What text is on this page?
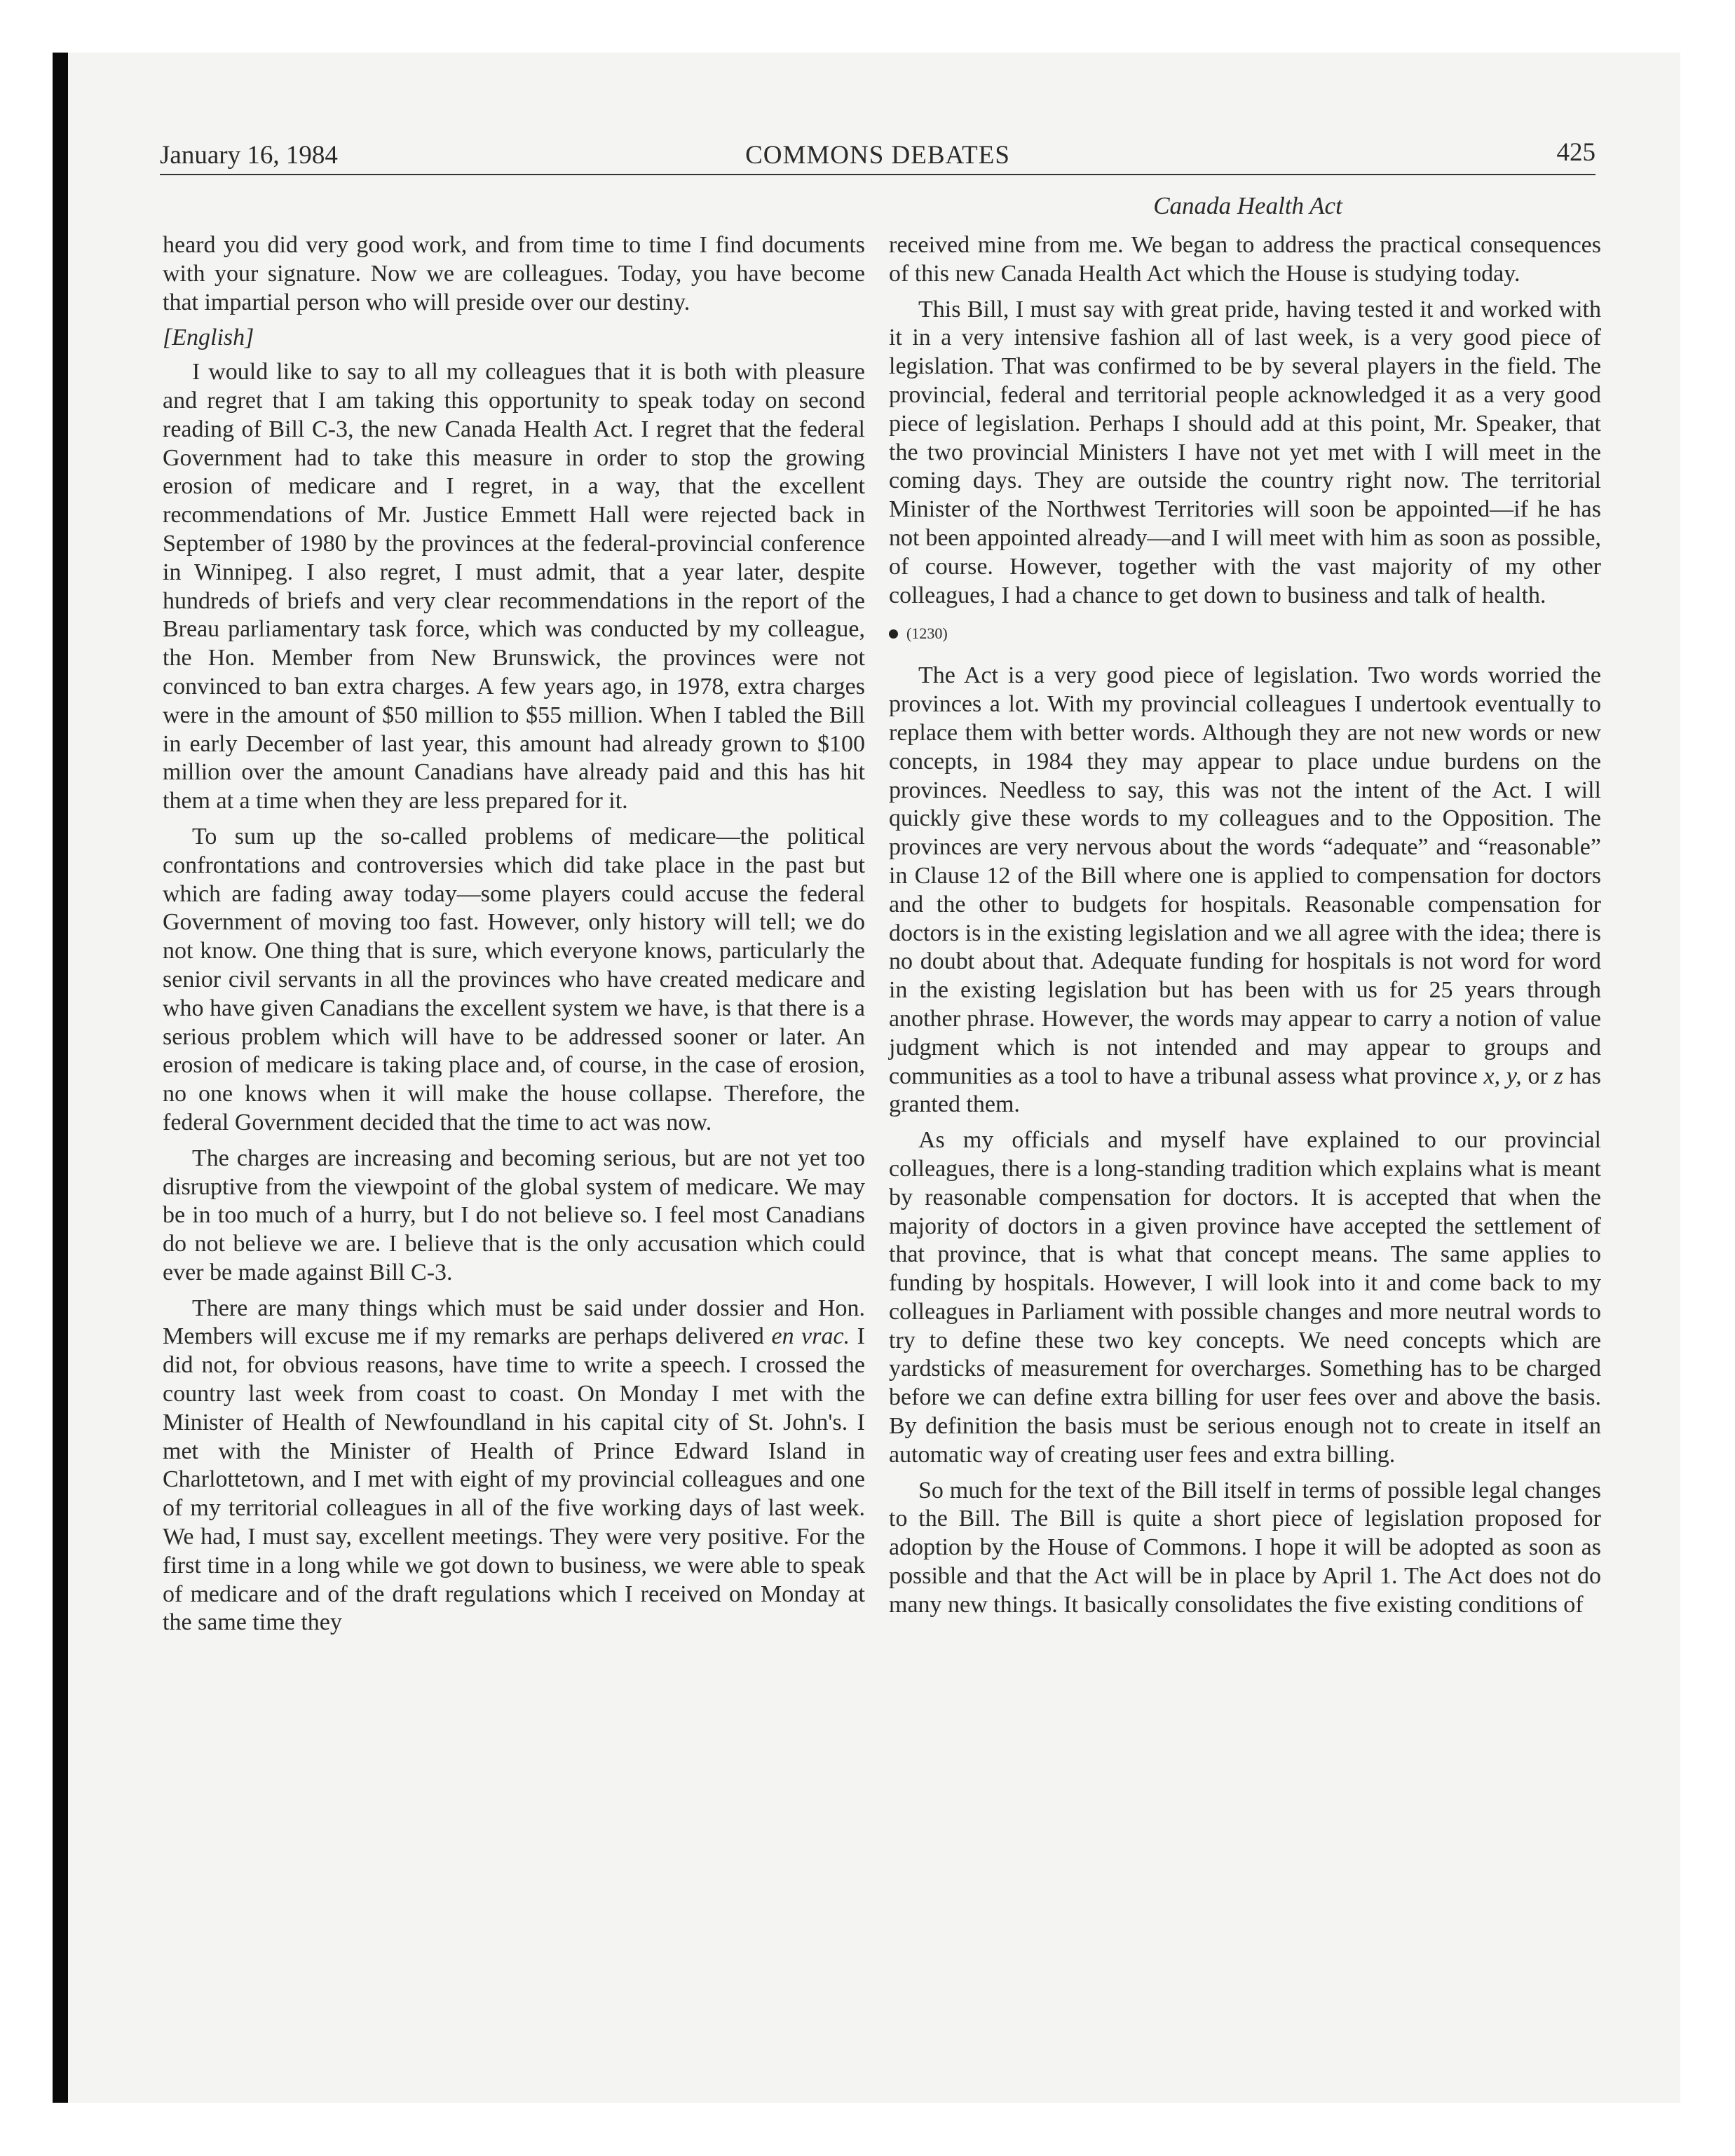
January 16, 1984	COMMONS DEBATES	425
Canada Health Act

heard you did very good work, and from time to time I find documents with your signature. Now we are colleagues. Today, you have become that impartial person who will preside over our destiny.

[English]

I would like to say to all my colleagues that it is both with pleasure and regret that I am taking this opportunity to speak today on second reading of Bill C-3, the new Canada Health Act. I regret that the federal Government had to take this measure in order to stop the growing erosion of medicare and I regret, in a way, that the excellent recommendations of Mr. Justice Emmett Hall were rejected back in September of 1980 by the provinces at the federal-provincial conference in Winnipeg. I also regret, I must admit, that a year later, despite hundreds of briefs and very clear recommendations in the report of the Breau parliamentary task force, which was conducted by my colleague, the Hon. Member from New Brunswick, the provinces were not convinced to ban extra charges. A few years ago, in 1978, extra charges were in the amount of $50 million to $55 million. When I tabled the Bill in early December of last year, this amount had already grown to $100 million over the amount Canadians have already paid and this has hit them at a time when they are less prepared for it.

To sum up the so-called problems of medicare—the political confrontations and controversies which did take place in the past but which are fading away today—some players could accuse the federal Government of moving too fast. However, only history will tell; we do not know. One thing that is sure, which everyone knows, particularly the senior civil servants in all the provinces who have created medicare and who have given Canadians the excellent system we have, is that there is a serious problem which will have to be addressed sooner or later. An erosion of medicare is taking place and, of course, in the case of erosion, no one knows when it will make the house collapse. Therefore, the federal Government decided that the time to act was now.

The charges are increasing and becoming serious, but are not yet too disruptive from the viewpoint of the global system of medicare. We may be in too much of a hurry, but I do not believe so. I feel most Canadians do not believe we are. I believe that is the only accusation which could ever be made against Bill C-3.

There are many things which must be said under dossier and Hon. Members will excuse me if my remarks are perhaps delivered en vrac. I did not, for obvious reasons, have time to write a speech. I crossed the country last week from coast to coast. On Monday I met with the Minister of Health of Newfoundland in his capital city of St. John's. I met with the Minister of Health of Prince Edward Island in Charlottetown, and I met with eight of my provincial colleagues and one of my territorial colleagues in all of the five working days of last week. We had, I must say, excellent meetings. They were very positive. For the first time in a long while we got down to business, we were able to speak of medicare and of the draft regulations which I received on Monday at the same time they

received mine from me. We began to address the practical consequences of this new Canada Health Act which the House is studying today.

This Bill, I must say with great pride, having tested it and worked with it in a very intensive fashion all of last week, is a very good piece of legislation. That was confirmed to be by several players in the field. The provincial, federal and territorial people acknowledged it as a very good piece of legislation. Perhaps I should add at this point, Mr. Speaker, that the two provincial Ministers I have not yet met with I will meet in the coming days. They are outside the country right now. The territorial Minister of the Northwest Territories will soon be appointed—if he has not been appointed already—and I will meet with him as soon as possible, of course. However, together with the vast majority of my other colleagues, I had a chance to get down to business and talk of health.

(1230)

The Act is a very good piece of legislation. Two words worried the provinces a lot. With my provincial colleagues I undertook eventually to replace them with better words. Although they are not new words or new concepts, in 1984 they may appear to place undue burdens on the provinces. Needless to say, this was not the intent of the Act. I will quickly give these words to my colleagues and to the Opposition. The provinces are very nervous about the words “adequate” and “reasonable” in Clause 12 of the Bill where one is applied to compensation for doctors and the other to budgets for hospitals. Reasonable compensation for doctors is in the existing legislation and we all agree with the idea; there is no doubt about that. Adequate funding for hospitals is not word for word in the existing legislation but has been with us for 25 years through another phrase. However, the words may appear to carry a notion of value judgment which is not intended and may appear to groups and communities as a tool to have a tribunal assess what province x, y, or z has granted them.

As my officials and myself have explained to our provincial colleagues, there is a long-standing tradition which explains what is meant by reasonable compensation for doctors. It is accepted that when the majority of doctors in a given province have accepted the settlement of that province, that is what that concept means. The same applies to funding by hospitals. However, I will look into it and come back to my colleagues in Parliament with possible changes and more neutral words to try to define these two key concepts. We need concepts which are yardsticks of measurement for overcharges. Something has to be charged before we can define extra billing for user fees over and above the basis. By definition the basis must be serious enough not to create in itself an automatic way of creating user fees and extra billing.

So much for the text of the Bill itself in terms of possible legal changes to the Bill. The Bill is quite a short piece of legislation proposed for adoption by the House of Commons. I hope it will be adopted as soon as possible and that the Act will be in place by April 1. The Act does not do many new things. It basically consolidates the five existing conditions of
